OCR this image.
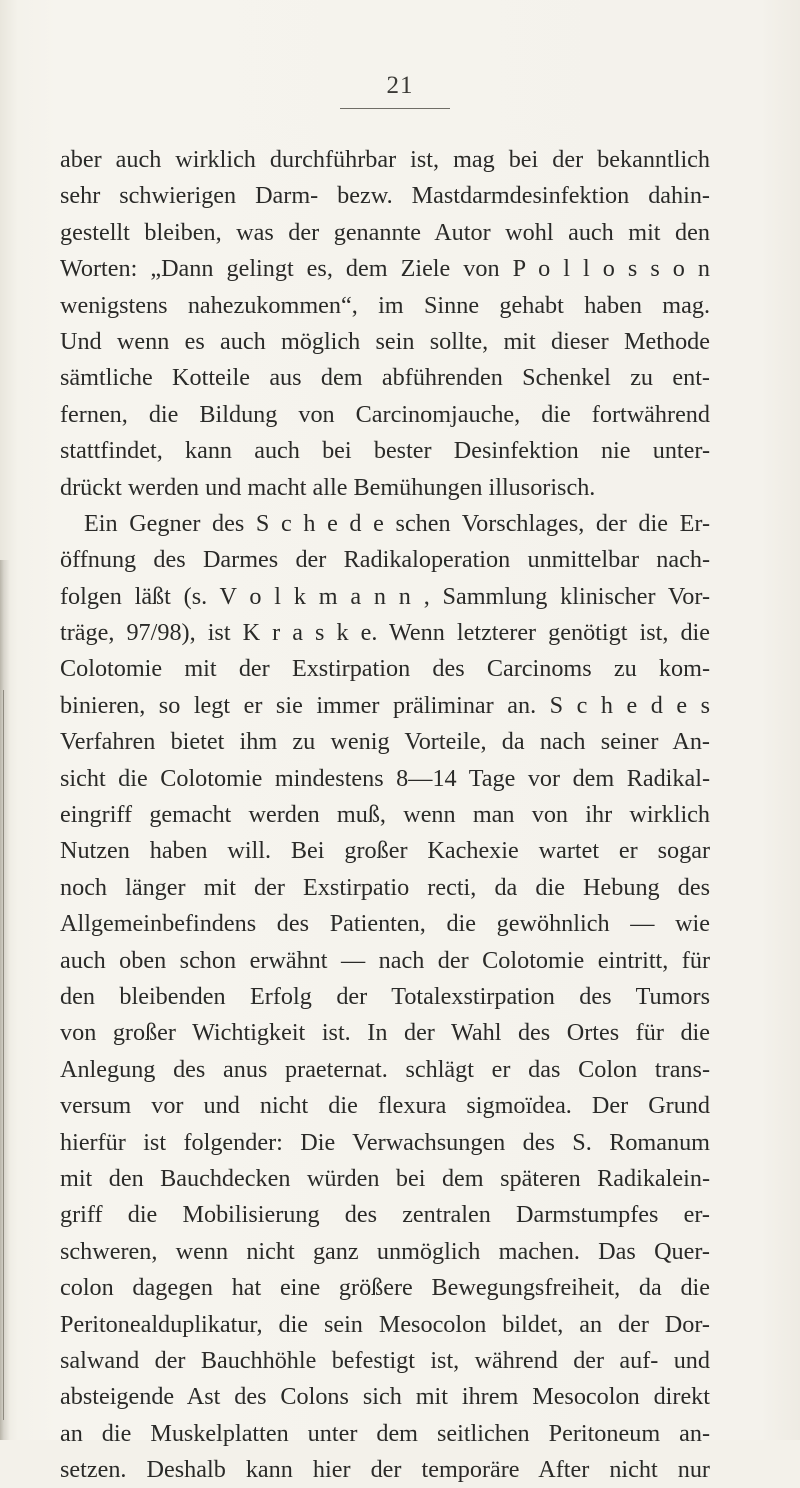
21
aber auch wirklich durchführbar ist, mag bei der bekanntlich
sehr schwierigen Darm- bezw. Mastdarmdesinfektion dahin-
gestellt bleiben, was der genannte Autor wohl auch mit den
Worten: „Dann gelingt es, dem Ziele von P o l l o s s o n
wenigstens nahezukommen“, im Sinne gehabt haben mag.
Und wenn es auch möglich sein sollte, mit dieser Methode
sämtliche Kotteile aus dem abführenden Schenkel zu ent-
fernen, die Bildung von Carcinomjauche, die fortwährend
stattfindet, kann auch bei bester Desinfektion nie unter-
drückt werden und macht alle Bemühungen illusorisch.
Ein Gegner des S c h e d e schen Vorschlages, der die Er-
öffnung des Darmes der Radikaloperation unmittelbar nach-
folgen läßt (s. V o l k m a n n , Sammlung klinischer Vor-
träge, 97/98), ist K r a s k e. Wenn letzterer genötigt ist, die
Colotomie mit der Exstirpation des Carcinoms zu kom-
binieren, so legt er sie immer präliminar an. S c h e d e s
Verfahren bietet ihm zu wenig Vorteile, da nach seiner An-
sicht die Colotomie mindestens 8—14 Tage vor dem Radikal-
eingriff gemacht werden muß, wenn man von ihr wirklich
Nutzen haben will. Bei großer Kachexie wartet er sogar
noch länger mit der Exstirpatio recti, da die Hebung des
Allgemeinbefindens des Patienten, die gewöhnlich — wie
auch oben schon erwähnt — nach der Colotomie eintritt, für
den bleibenden Erfolg der Totalexstirpation des Tumors
von großer Wichtigkeit ist. In der Wahl des Ortes für die
Anlegung des anus praeternat. schlägt er das Colon trans-
versum vor und nicht die flexura sigmoïdea. Der Grund
hierfür ist folgender: Die Verwachsungen des S. Romanum
mit den Bauchdecken würden bei dem späteren Radikalein-
griff die Mobilisierung des zentralen Darmstumpfes er-
schweren, wenn nicht ganz unmöglich machen. Das Quer-
colon dagegen hat eine größere Bewegungsfreiheit, da die
Peritonealduplikatur, die sein Mesocolon bildet, an der Dor-
salwand der Bauchhöhle befestigt ist, während der auf- und
absteigende Ast des Colons sich mit ihrem Mesocolon direkt
an die Muskelplatten unter dem seitlichen Peritoneum an-
setzen. Deshalb kann hier der temporäre After nicht nur
